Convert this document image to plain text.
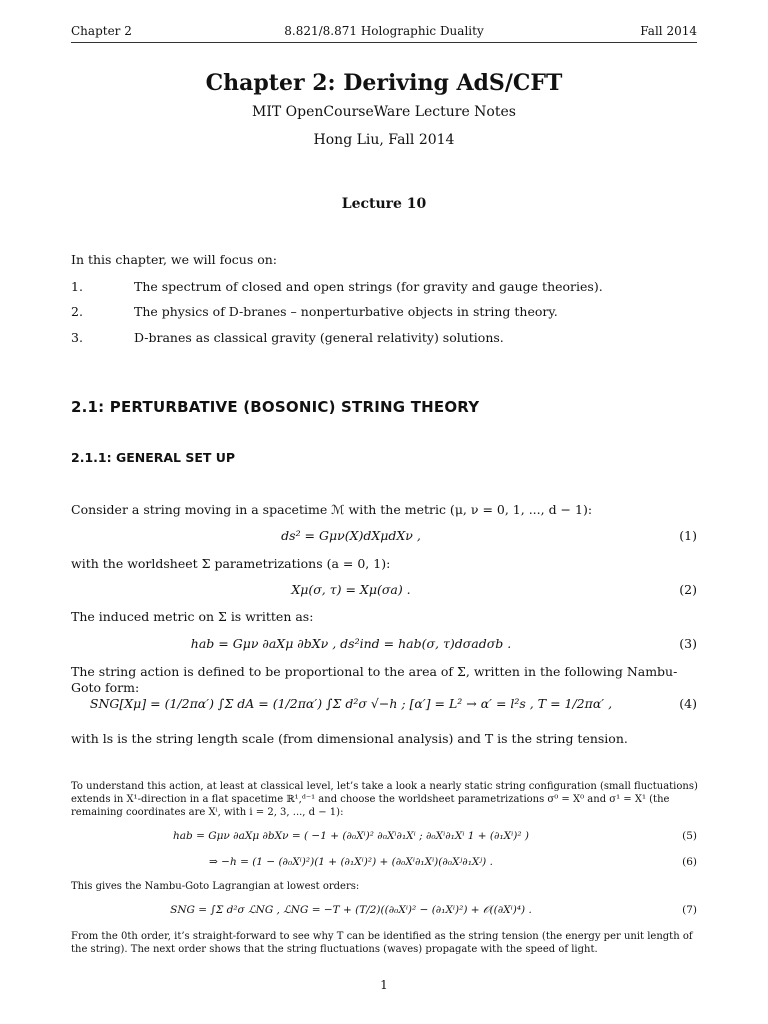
Chapter 2	8.821/8.871 Holographic Duality	Fall 2014
Chapter 2: Deriving AdS/CFT
MIT OpenCourseWare Lecture Notes
Hong Liu, Fall 2014
Lecture 10
In this chapter, we will focus on:
1.	The spectrum of closed and open strings (for gravity and gauge theories).
2.	The physics of D-branes – nonperturbative objects in string theory.
3.	D-branes as classical gravity (general relativity) solutions.
2.1: PERTURBATIVE (BOSONIC) STRING THEORY
2.1.1: GENERAL SET UP
Consider a string moving in a spacetime ℳ with the metric (μ, ν = 0, 1, ..., d − 1):
ds² = Gμν(X)dXμdXν ,	(1)
with the worldsheet Σ parametrizations (a = 0, 1):
Xμ(σ, τ) = Xμ(σa) .	(2)
The induced metric on Σ is written as:
hab = Gμν ∂aXμ ∂bXν , ds²ind = hab(σ, τ)dσadσb .	(3)
The string action is defined to be proportional to the area of Σ, written in the following Nambu-Goto form:
SNG[Xμ] = (1/2πα′) ∫Σ dA = (1/2πα′) ∫Σ d²σ √−h ; [α′] = L² → α′ = l²s , T = 1/2πα′ ,	(4)
with ls is the string length scale (from dimensional analysis) and T is the string tension.
To understand this action, at least at classical level, let’s take a look a nearly static string configuration (small fluctuations) extends in X¹-direction in a flat spacetime ℝ¹,ᵈ⁻¹ and choose the worldsheet parametrizations σ⁰ = X⁰ and σ¹ = X¹ (the remaining coordinates are Xⁱ, with i = 2, 3, ..., d − 1):
hab = Gμν ∂aXμ ∂bXν = ( −1 + (∂₀Xⁱ)² ∂₀Xⁱ∂₁Xⁱ ; ∂₀Xⁱ∂₁Xⁱ 1 + (∂₁Xⁱ)² )	(5)
⇒ −h = (1 − (∂₀Xⁱ)²)(1 + (∂₁Xⁱ)²) + (∂₀Xⁱ∂₁Xⁱ)(∂₀Xʲ∂₁Xʲ) .	(6)
This gives the Nambu-Goto Lagrangian at lowest orders:
SNG = ∫Σ d²σ ℒNG , ℒNG = −T + (T/2)((∂₀Xⁱ)² − (∂₁Xⁱ)²) + 𝒪((∂Xⁱ)⁴) .	(7)
From the 0th order, it’s straight-forward to see why T can be identified as the string tension (the energy per unit length of the string). The next order shows that the string fluctuations (waves) propagate with the speed of light.
1
